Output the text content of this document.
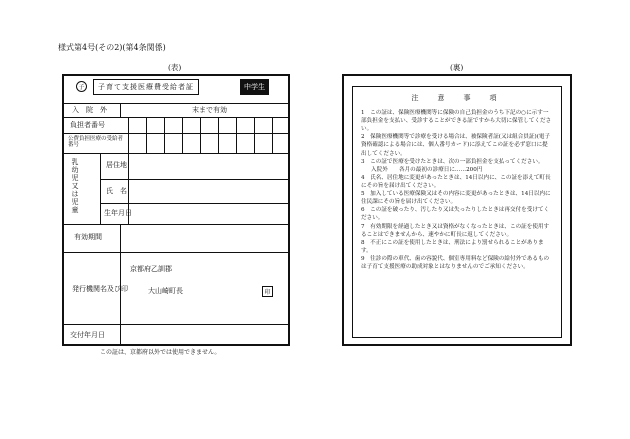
様式第4号(その2)(第4条関係)
(表)	(裏)
子	子育て支援医療費受給者証	中学生
入　院　外	末まで有効
負担者番号
公費負担医療の受給者番号
乳幼児又は児童	居住地
氏　名
生年月日
有効期間
発行機関名及び印
京都府乙訓郡
大山崎町長	印
交付年月日
この証は、京都府以外では使用できません。
注　意　事　項

1　この証は、保険医療機関等に保険の自己負担金のうち下記の○に示す一部負担金を支払い、受診することができる証ですから大切に保管してください。

2　保険医療機関等で診療を受ける場合は、被保険者証(又は組合員証)(電子資格確認による場合には、個人番号カード)に添えてこの証を必ず窓口に提出してください。

3　この証で医療を受けたときは、次の一部負担金を支払ってください。

入院外　　各月の最初の診療日に……200円

4　氏名、居住地に変更があったときは、14日以内に、この証を添えて町長にその旨を届け出てください。

5　加入している医療保険又はその内容に変更があったときは、14日以内に住民課にその旨を届け出てください。

6　この証を破ったり、汚したり又は失ったりしたときは再交付を受けてください。

7　有効期限を経過したとき又は資格がなくなったときは、この証を使用することはできませんから、速やかに町長に返してください。

8　不正にこの証を使用したときは、刑法により罰せられることがあります。

9　往診の際の車代、歯の容貌代、個室専用料など保険の給付外であるものは子育て支援医療の助成対象とはなりませんのでご承知ください。
